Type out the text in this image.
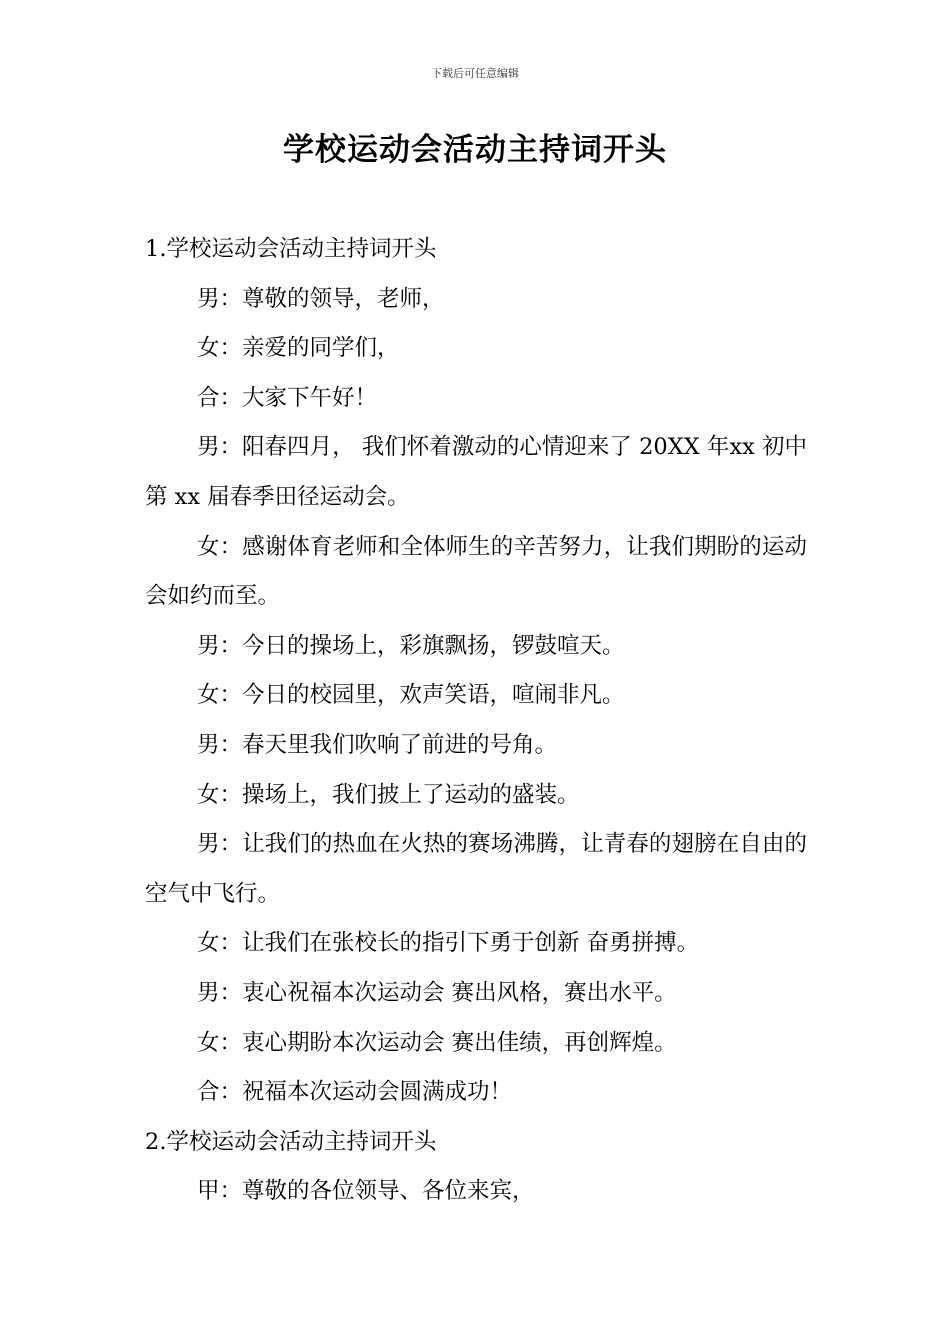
下载后可任意编辑
学校运动会活动主持词开头

1.学校运动会活动主持词开头

男：尊敬的领导，老师，

女：亲爱的同学们，

合：大家下午好！

男：阳春四月， 我们怀着激动的心情迎来了 20XX 年xx 初中第 xx 届春季田径运动会。

女：感谢体育老师和全体师生的辛苦努力，让我们期盼的运动会如约而至。

男：今日的操场上，彩旗飘扬，锣鼓喧天。

女：今日的校园里，欢声笑语，喧闹非凡。

男：春天里我们吹响了前进的号角。

女：操场上，我们披上了运动的盛装。

男：让我们的热血在火热的赛场沸腾，让青春的翅膀在自由的空气中飞行。

女：让我们在张校长的指引下勇于创新 奋勇拼搏。

男：衷心祝福本次运动会 赛出风格，赛出水平。

女：衷心期盼本次运动会 赛出佳绩，再创辉煌。

合：祝福本次运动会圆满成功！

2.学校运动会活动主持词开头

甲：尊敬的各位领导、各位来宾，
